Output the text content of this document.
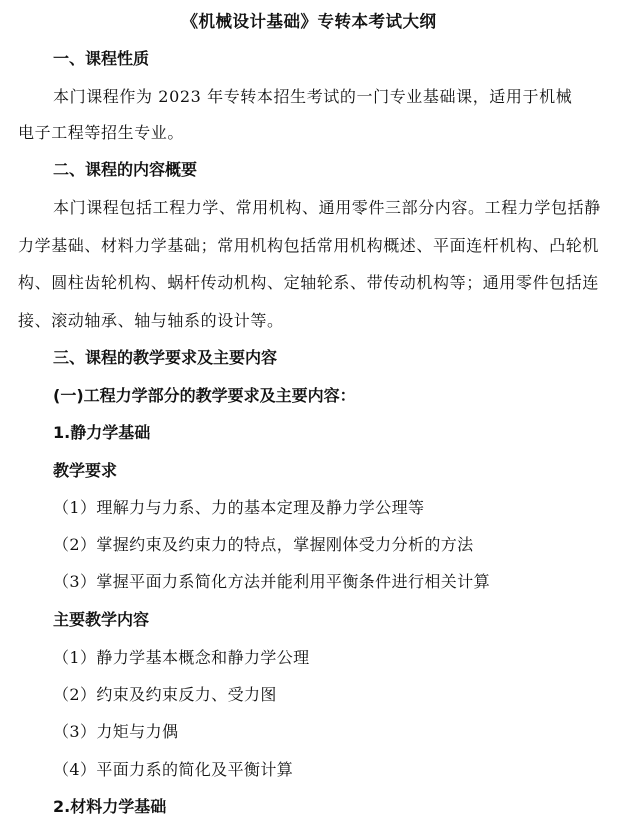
《机械设计基础》专转本考试大纲
一、课程性质
本门课程作为 2023 年专转本招生考试的一门专业基础课，适用于机械
电子工程等招生专业。
二、课程的内容概要
本门课程包括工程力学、常用机构、通用零件三部分内容。工程力学包括静
力学基础、材料力学基础；常用机构包括常用机构概述、平面连杆机构、凸轮机
构、圆柱齿轮机构、蜗杆传动机构、定轴轮系、带传动机构等；通用零件包括连
接、滚动轴承、轴与轴系的设计等。
三、课程的教学要求及主要内容
(一)工程力学部分的教学要求及主要内容：
1.静力学基础
教学要求
（1）理解力与力系、力的基本定理及静力学公理等
（2）掌握约束及约束力的特点，掌握刚体受力分析的方法
（3）掌握平面力系简化方法并能利用平衡条件进行相关计算
主要教学内容
（1）静力学基本概念和静力学公理
（2）约束及约束反力、受力图
（3）力矩与力偶
（4）平面力系的简化及平衡计算
2.材料力学基础
